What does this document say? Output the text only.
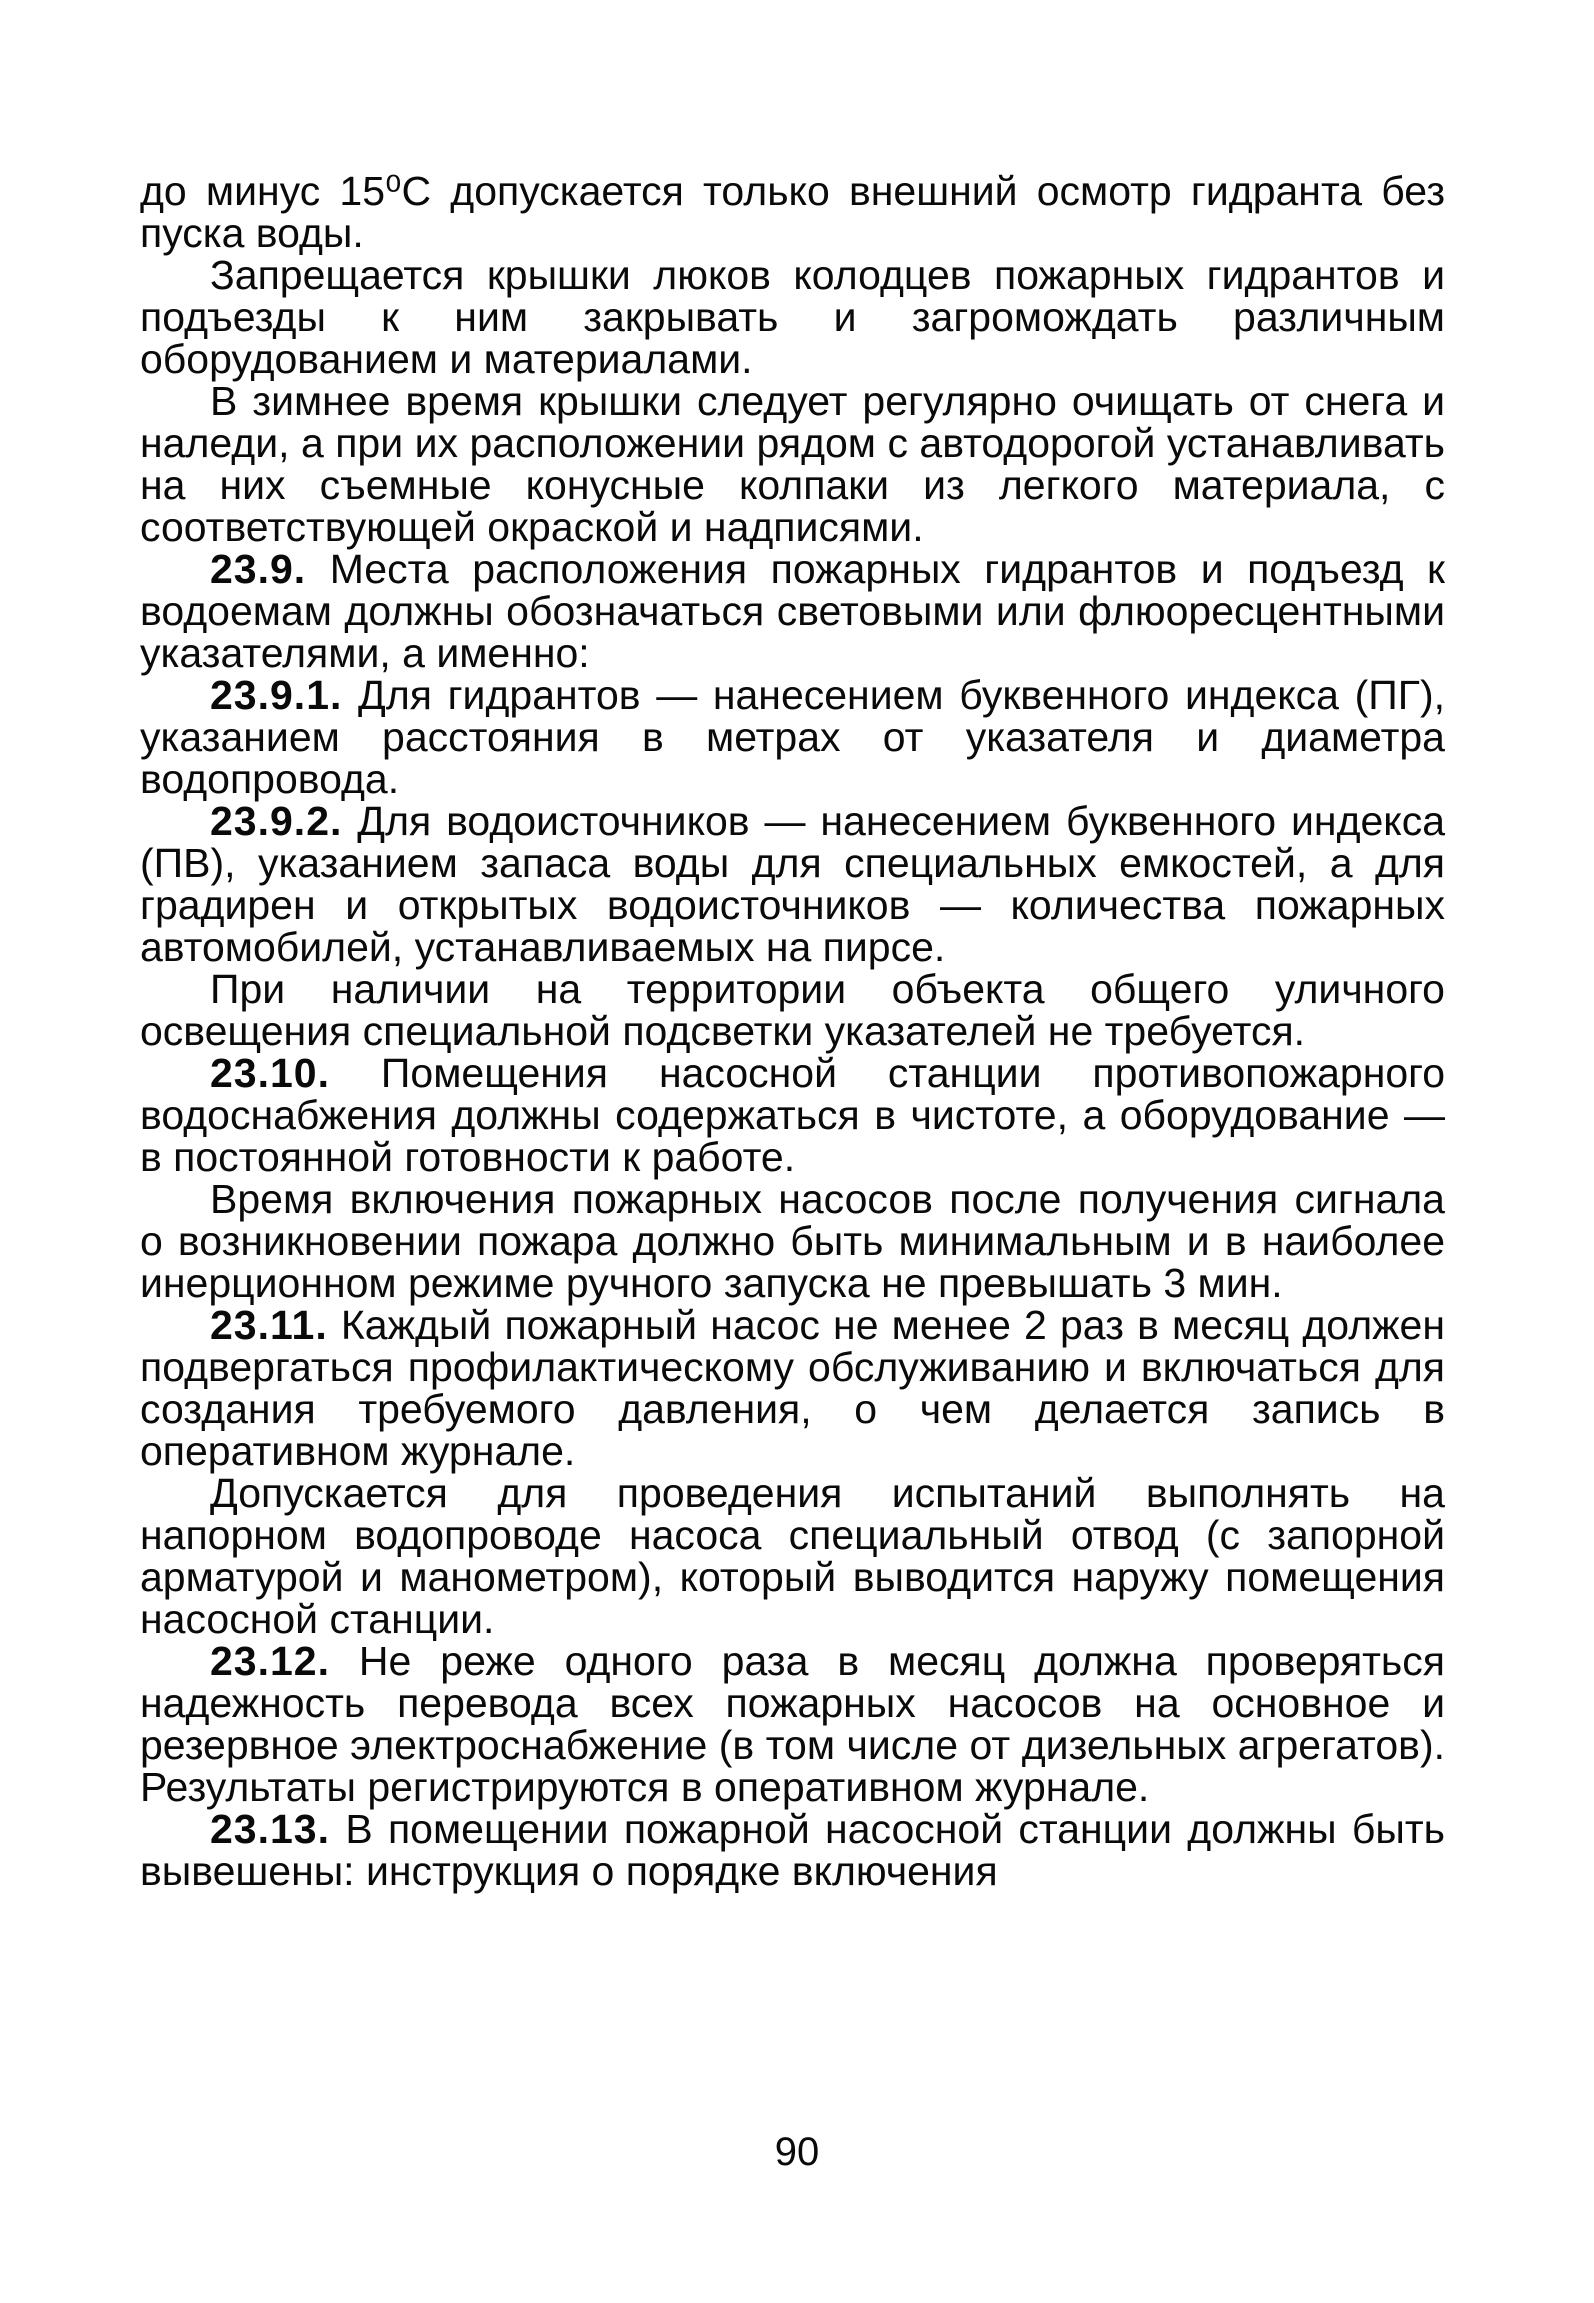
до минус 15⁰С допускается только внешний осмотр гидранта без пуска воды.

Запрещается крышки люков колодцев пожарных гидрантов и подъезды к ним закрывать и загромождать различным оборудованием и материалами.

В зимнее время крышки следует регулярно очищать от снега и наледи, а при их расположении рядом с автодорогой устанавливать на них съемные конусные колпаки из легкого материала, с соответствующей окраской и надписями.

23.9. Места расположения пожарных гидрантов и подъезд к водоемам должны обозначаться световыми или флюоресцентными указателями, а именно:

23.9.1. Для гидрантов — нанесением буквенного индекса (ПГ), указанием расстояния в метрах от указателя и диаметра водопровода.

23.9.2. Для водоисточников — нанесением буквенного индекса (ПВ), указанием запаса воды для специальных емкостей, а для градирен и открытых водоисточников — количества пожарных автомобилей, устанавливаемых на пирсе.

При наличии на территории объекта общего уличного освещения специальной подсветки указателей не требуется.

23.10. Помещения насосной станции противопожарного водоснабжения должны содержаться в чистоте, а оборудование — в постоянной готовности к работе.

Время включения пожарных насосов после получения сигнала о возникновении пожара должно быть минимальным и в наиболее инерционном режиме ручного запуска не превышать 3 мин.

23.11. Каждый пожарный насос не менее 2 раз в месяц должен подвергаться профилактическому обслуживанию и включаться для создания требуемого давления, о чем делается запись в оперативном журнале.

Допускается для проведения испытаний выполнять на напорном водопроводе насоса специальный отвод (с запорной арматурой и манометром), который выводится наружу помещения насосной станции.

23.12. Не реже одного раза в месяц должна проверяться надежность перевода всех пожарных насосов на основное и резервное электроснабжение (в том числе от дизельных агрегатов). Результаты регистрируются в оперативном журнале.

23.13. В помещении пожарной насосной станции должны быть вывешены: инструкция о порядке включения

90
